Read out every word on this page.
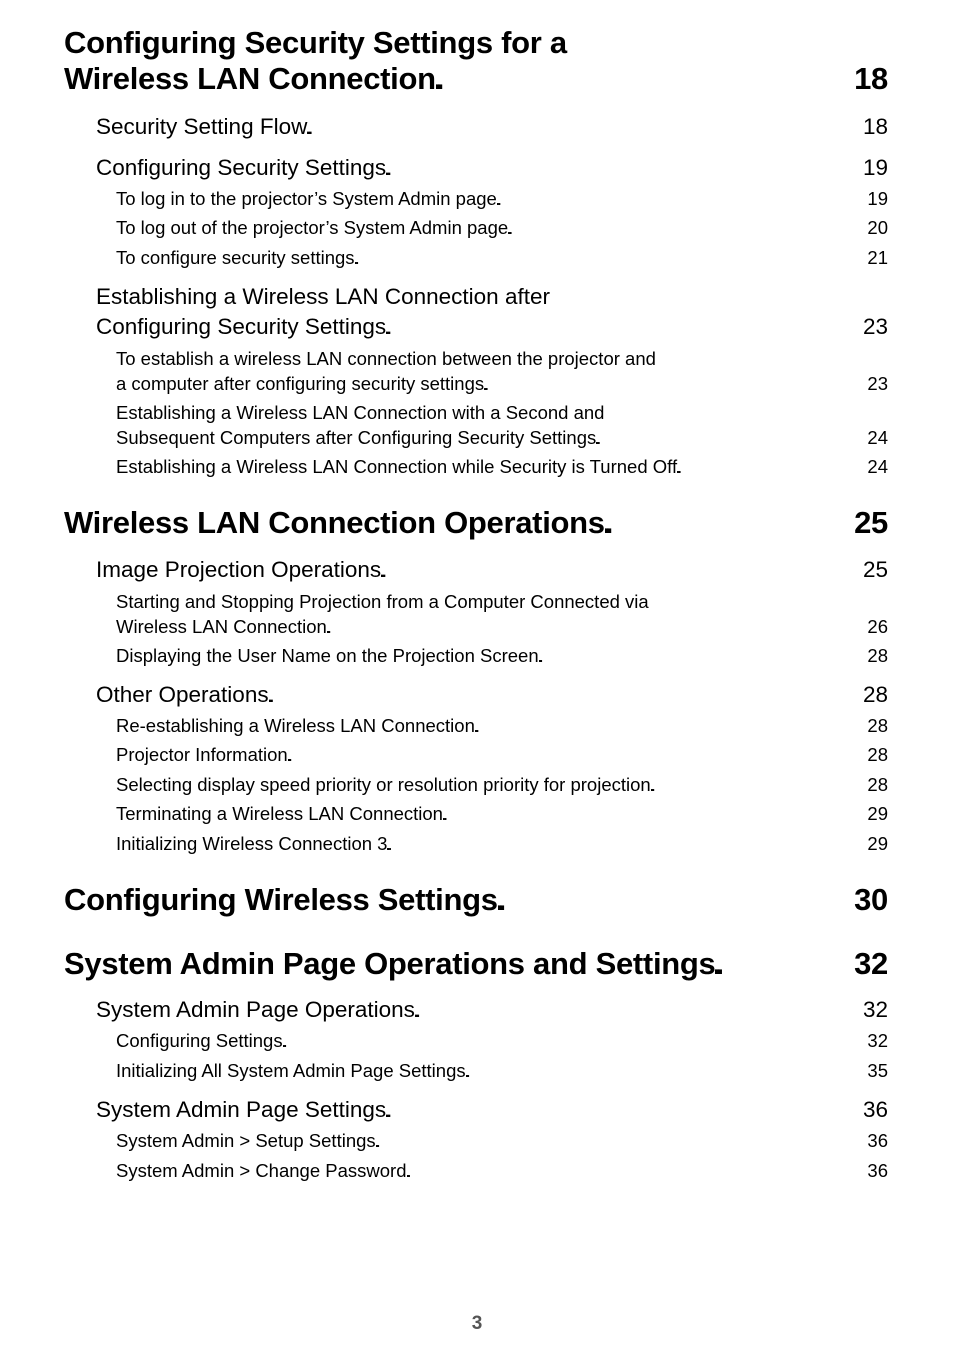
Configuring Security Settings for a
Wireless LAN Connection . . .	18
Security Setting Flow . . .	18
Configuring Security Settings . . .	19
To log in to the projector’s System Admin page . . .	19
To log out of the projector’s System Admin page . . .	20
To configure security settings . . .	21
Establishing a Wireless LAN Connection after
Configuring Security Settings . . .	23
To establish a wireless LAN connection between the projector and
a computer after configuring security settings . . .	23
Establishing a Wireless LAN Connection with a Second and
Subsequent Computers after Configuring Security Settings . . .	24
Establishing a Wireless LAN Connection while Security is Turned Off . . .	24
Wireless LAN Connection Operations . . .	25
Image Projection Operations . . .	25
Starting and Stopping Projection from a Computer Connected via
Wireless LAN Connection . . .	26
Displaying the User Name on the Projection Screen . . .	28
Other Operations . . .	28
Re-establishing a Wireless LAN Connection . . .	28
Projector Information . . .	28
Selecting display speed priority or resolution priority for projection . . .	28
Terminating a Wireless LAN Connection . . .	29
Initializing Wireless Connection 3 . . .	29
Configuring Wireless Settings . . .	30
System Admin Page Operations and Settings . . .	32
System Admin Page Operations . . .	32
Configuring Settings . . .	32
Initializing All System Admin Page Settings . . .	35
System Admin Page Settings . . .	36
System Admin > Setup Settings . . .	36
System Admin > Change Password . . .	36
3
